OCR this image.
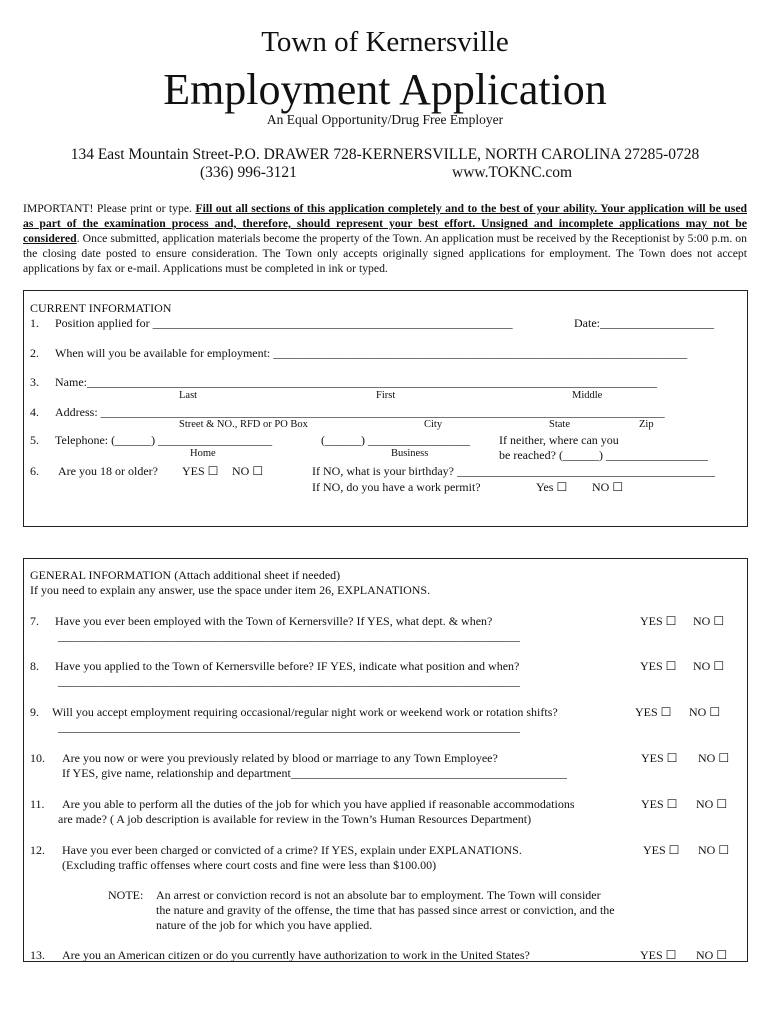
Town of Kernersville
Employment Application
An Equal Opportunity/Drug Free Employer
134 East Mountain Street-P.O. DRAWER 728-KERNERSVILLE, NORTH CAROLINA 27285-0728
(336) 996-3121	www.TOKNC.com
IMPORTANT! Please print or type. Fill out all sections of this application completely and to the best of your ability. Your application will be used as part of the examination process and, therefore, should represent your best effort. Unsigned and incomplete applications may not be considered. Once submitted, application materials become the property of the Town. An application must be received by the Receptionist by 5:00 p.m. on the closing date posted to ensure consideration. The Town only accepts originally signed applications for employment. The Town does not accept applications by fax or e-mail. Applications must be completed in ink or typed.
CURRENT INFORMATION
1. Position applied for ____________________________________________________________	Date:___________________
2. When will you be available for employment: _____________________________________________________________________
3. Name:_______________________________________________________________________________________________
Last	First	Middle
4. Address: ______________________________________________________________________________________________
Street & NO., RFD or PO Box	City	State	Zip
5. Telephone: (______) ___________________	(______) _________________ If neither, where can you
be reached? (______) _________________
Home	Business
6. Are you 18 or older? YES ☐ NO ☐	If NO, what is your birthday? ___________________________________________
If NO, do you have a work permit?	Yes ☐ NO ☐
GENERAL INFORMATION (Attach additional sheet if needed)
If you need to explain any answer, use the space under item 26, EXPLANATIONS.
7. Have you ever been employed with the Town of Kernersville? If YES, what dept. & when?	YES ☐ NO ☐
_____________________________________________________________________________
8. Have you applied to the Town of Kernersville before? IF YES, indicate what position and when?	YES ☐ NO ☐
_____________________________________________________________________________
9. Will you accept employment requiring occasional/regular night work or weekend work or rotation shifts?	YES ☐ NO ☐
_____________________________________________________________________________
10. Are you now or were you previously related by blood or marriage to any Town Employee?	YES ☐ NO ☐
If YES, give name, relationship and department______________________________________________
11. Are you able to perform all the duties of the job for which you have applied if reasonable accommodations	YES ☐ NO ☐
are made? ( A job description is available for review in the Town’s Human Resources Department)
12. Have you ever been charged or convicted of a crime? If YES, explain under EXPLANATIONS.	YES ☐ NO ☐
(Excluding traffic offenses where court costs and fine were less than $100.00)
NOTE: An arrest or conviction record is not an absolute bar to employment. The Town will consider
the nature and gravity of the offense, the time that has passed since arrest or conviction, and the
nature of the job for which you have applied.
13. Are you an American citizen or do you currently have authorization to work in the United States?	YES ☐ NO ☐
